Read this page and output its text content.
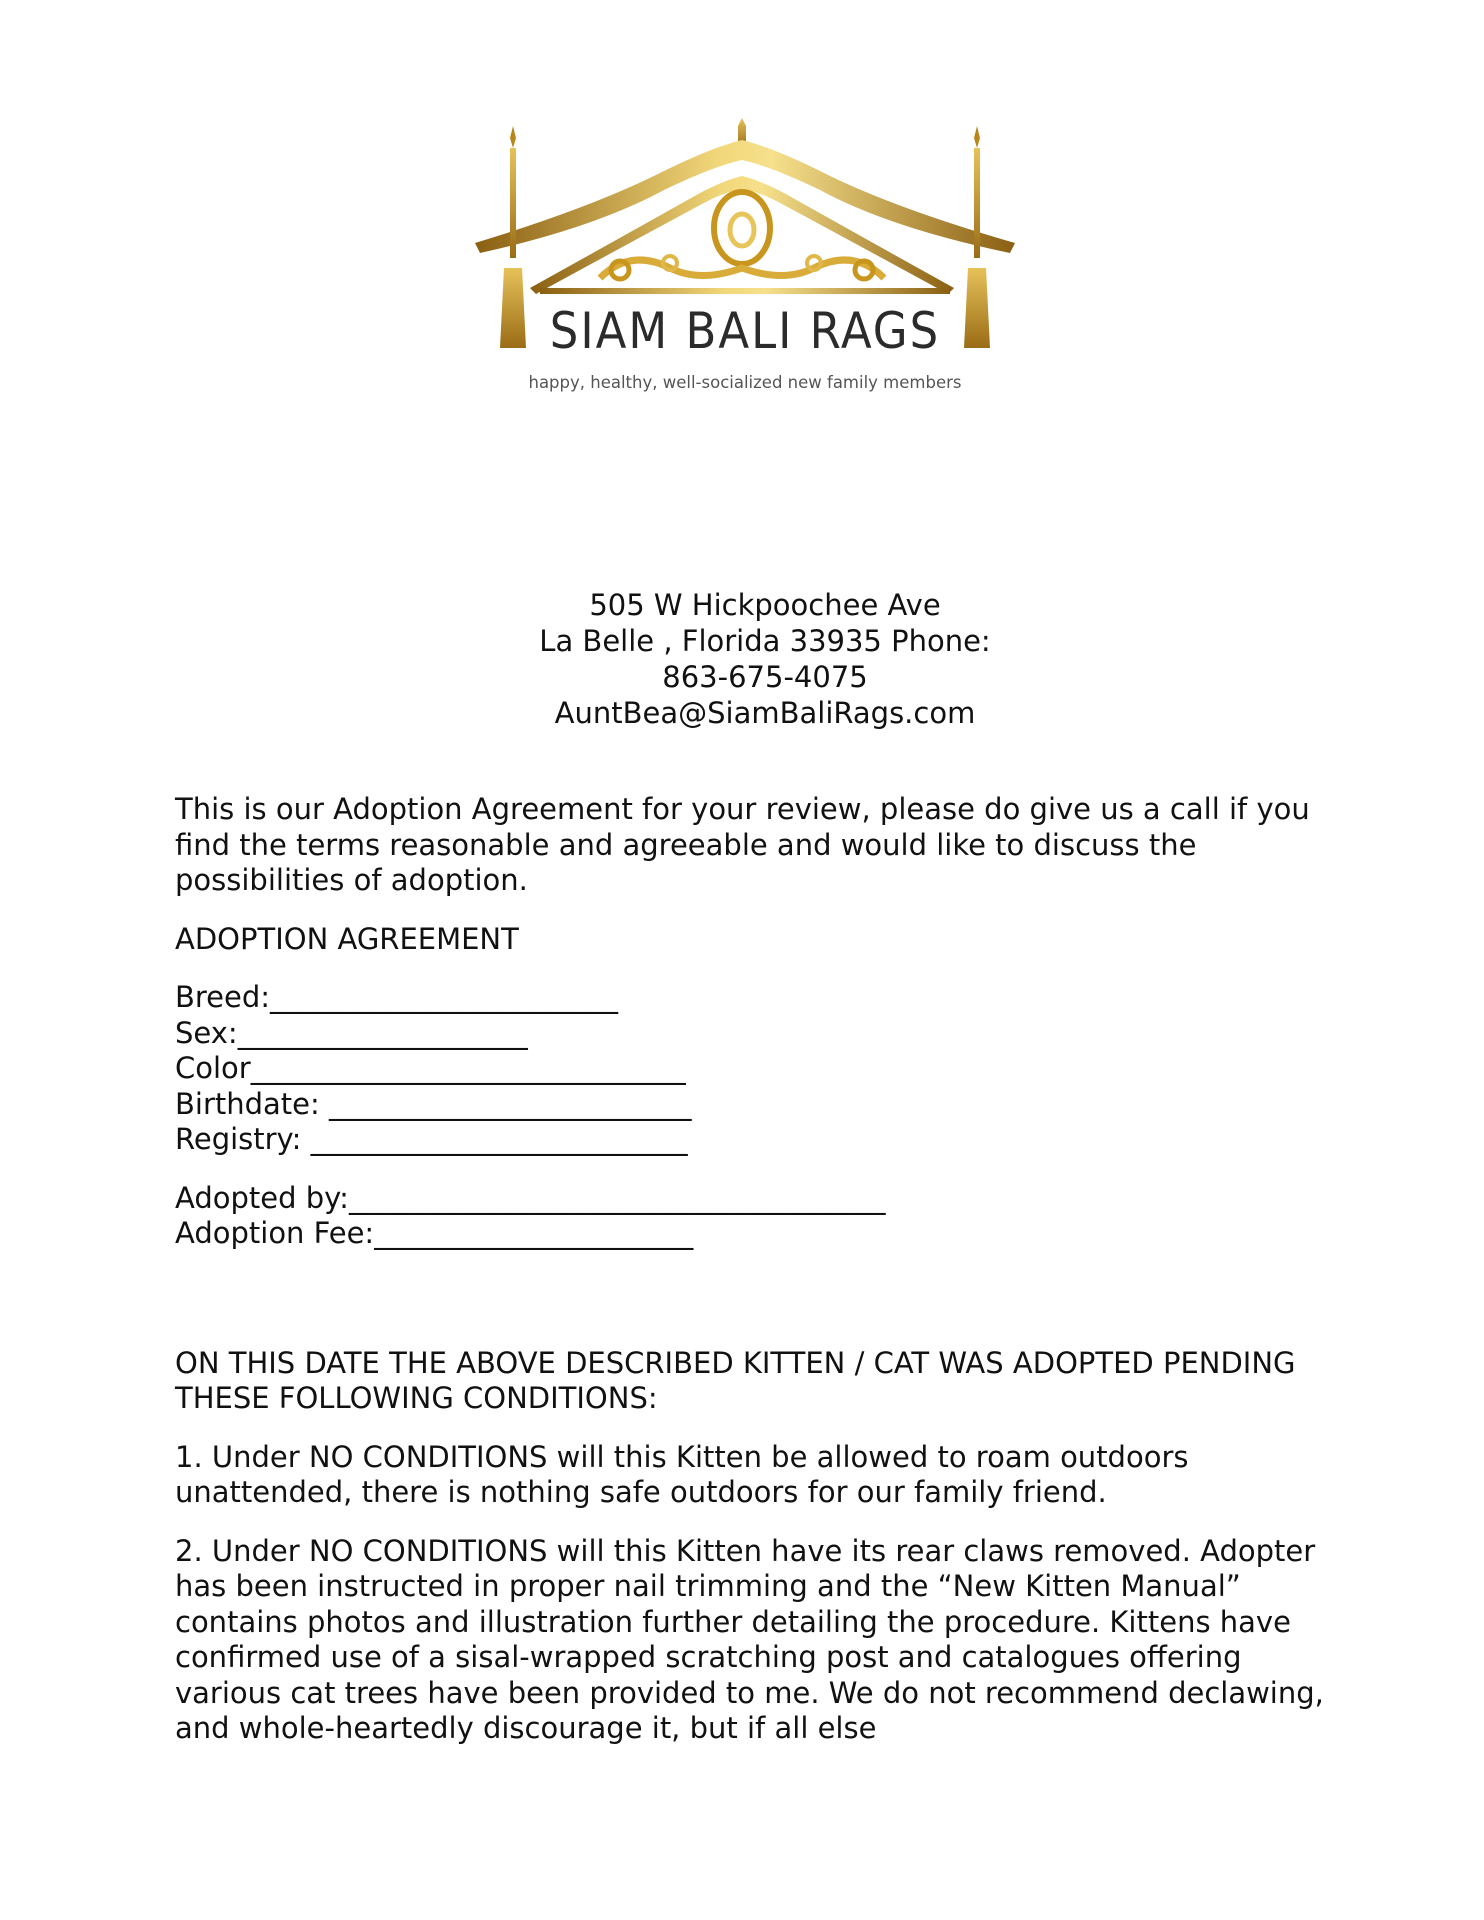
SIAM BALI RAGS
happy, healthy, well-socialized new family members
505 W Hickpoochee Ave
La Belle , Florida 33935 Phone:
863-675-4075
AuntBea@SiamBaliRags.com

This is our Adoption Agreement for your review, please do give us a call if you find the terms reasonable and agreeable and would like to discuss the possibilities of adoption.

ADOPTION AGREEMENT

Breed:________________________
Sex:____________________
Color______________________________
Birthdate: _________________________
Registry: __________________________
Adopted by:_____________________________________
Adoption Fee:______________________

ON THIS DATE THE ABOVE DESCRIBED KITTEN / CAT WAS ADOPTED PENDING THESE FOLLOWING CONDITIONS:

1. Under NO CONDITIONS will this Kitten be allowed to roam outdoors unattended, there is nothing safe outdoors for our family friend.

2. Under NO CONDITIONS will this Kitten have its rear claws removed. Adopter has been instructed in proper nail trimming and the “New Kitten Manual” contains photos and illustration further detailing the procedure. Kittens have confirmed use of a sisal-wrapped scratching post and catalogues offering various cat trees have been provided to me. We do not recommend declawing, and whole-heartedly discourage it, but if all else
